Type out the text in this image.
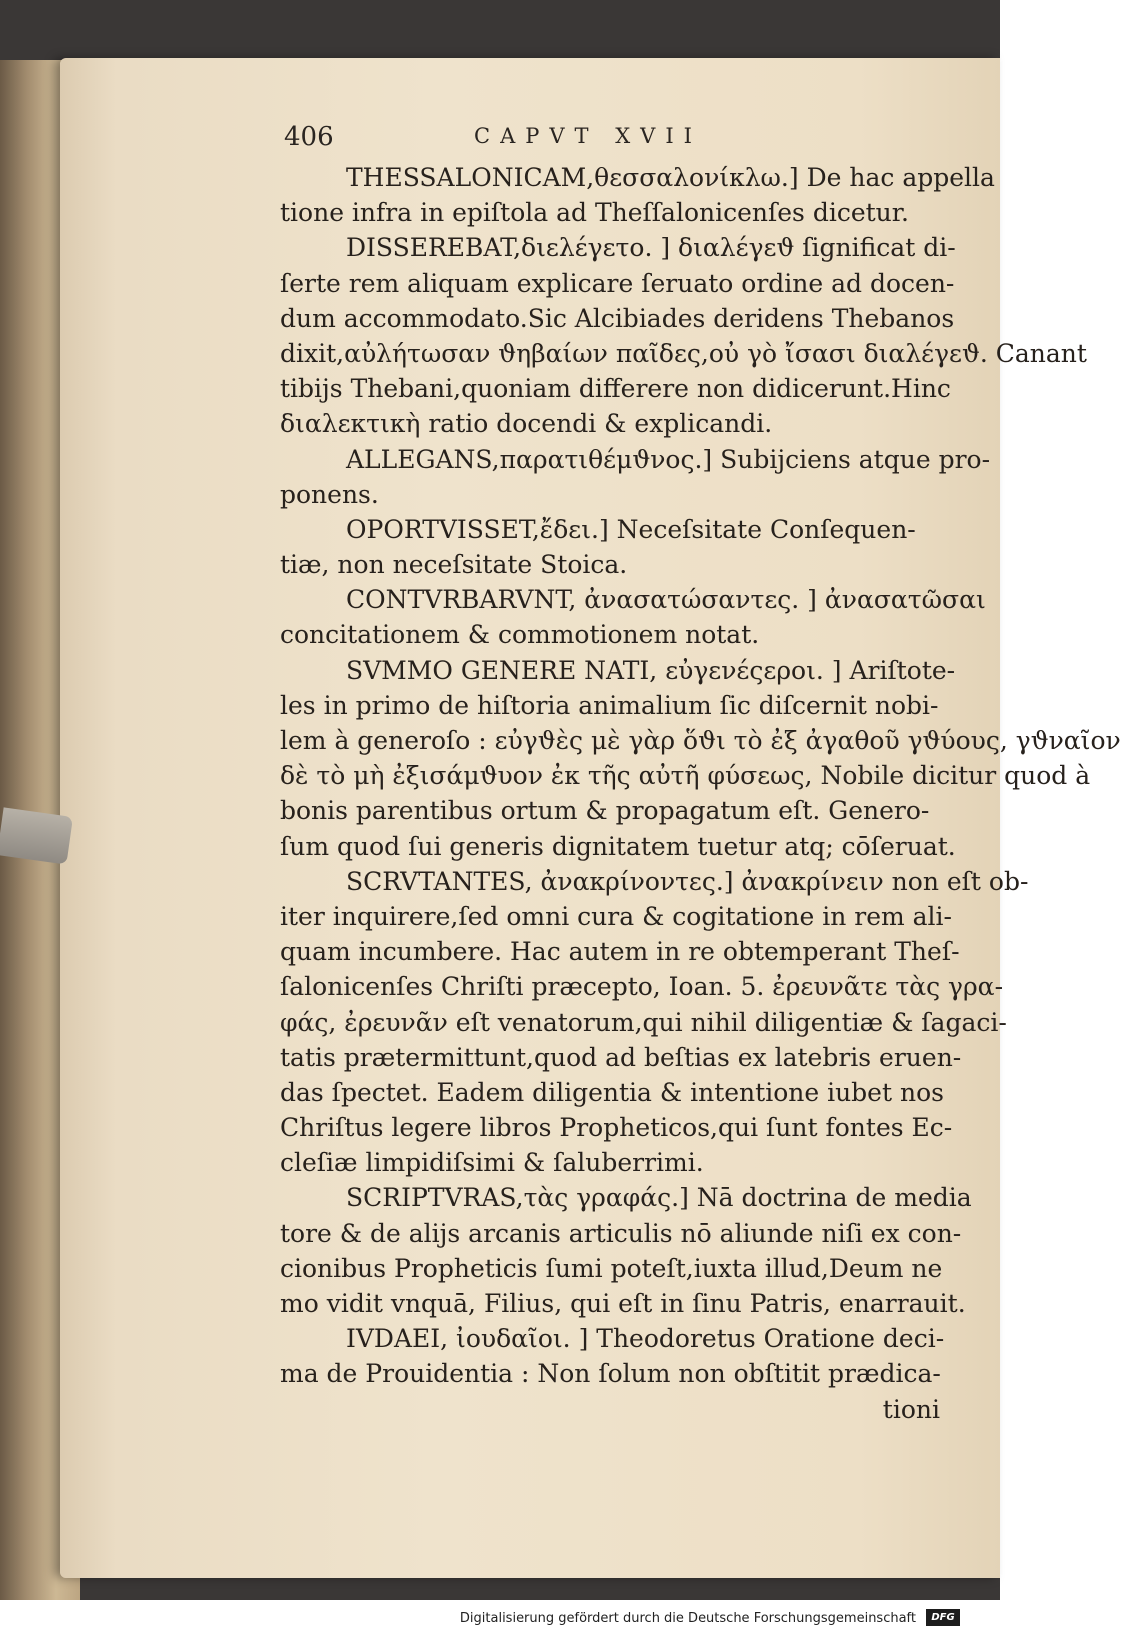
406	CAPVT XVII
THESSALONICAM,θεσσαλονίκλω.] De hac appella
tione infra in epiſtola ad Theſſalonicenſes dicetur.
DISSEREBAT,διελέγετο. ] διαλέγεϑ ſignificat di-
ſerte rem aliquam explicare ſeruato ordine ad docen-
dum accommodato.Sic Alcibiades deridens Thebanos
dixit,αὐλήτωσαν ϑηβαίων παῖδες,οὐ γὸ ἴσασι διαλέγεϑ. Canant
tibijs Thebani,quoniam differere non didicerunt.Hinc
διαλεκτικὴ ratio docendi & explicandi.
ALLEGANS,παρατιθέμϑνος.] Subijciens atque pro-
ponens.
OPORTVISSET,ἔδει.] Neceſsitate Conſequen-
tiæ, non neceſsitate Stoica.
CONTVRBARVNT, ἀνασατώσαντες. ] ἀνασατῶσαι
concitationem & commotionem notat.
SVMMO GENERE NATI, εὐγενέςεροι. ] Ariſtote-
les in primo de hiſtoria animalium ſic diſcernit nobi-
lem à generoſo : εὐγϑὲς μὲ γὰρ ὅϑι τὸ ἐξ ἀγαθοῦ γϑύους, γϑναῖον
δὲ τὸ μὴ ἐξισάμϑυον ἐκ τῆς αὐτῆ φύσεως, Nobile dicitur quod à
bonis parentibus ortum & propagatum eſt. Genero-
ſum quod ſui generis dignitatem tuetur atq; cōſeruat.
SCRVTANTES, ἀνακρίνοντες.] ἀνακρίνειν non eſt ob-
iter inquirere,ſed omni cura & cogitatione in rem ali-
quam incumbere. Hac autem in re obtemperant Theſ-
ſalonicenſes Chriſti præcepto, Ioan. 5. ἐρευνᾶτε τὰς γρα-
φάς, ἐρευνᾶν eſt venatorum,qui nihil diligentiæ & ſagaci-
tatis prætermittunt,quod ad beſtias ex latebris eruen-
das ſpectet. Eadem diligentia & intentione iubet nos
Chriſtus legere libros Propheticos,qui ſunt fontes Ec-
cleſiæ limpidiſsimi & ſaluberrimi.
SCRIPTVRAS,τὰς γραφάς.] Nā doctrina de media
tore & de alijs arcanis articulis nō aliunde niſi ex con-
cionibus Propheticis ſumi poteſt,iuxta illud,Deum ne
mo vidit vnquā, Filius, qui eſt in ſinu Patris, enarrauit.
IVDAEI, ἰουδαῖοι. ] Theodoretus Oratione deci-
ma de Prouidentia : Non ſolum non obſtitit prædica-
tioni
Digitalisierung gefördert durch die Deutsche Forschungsgemeinschaft	DFG
